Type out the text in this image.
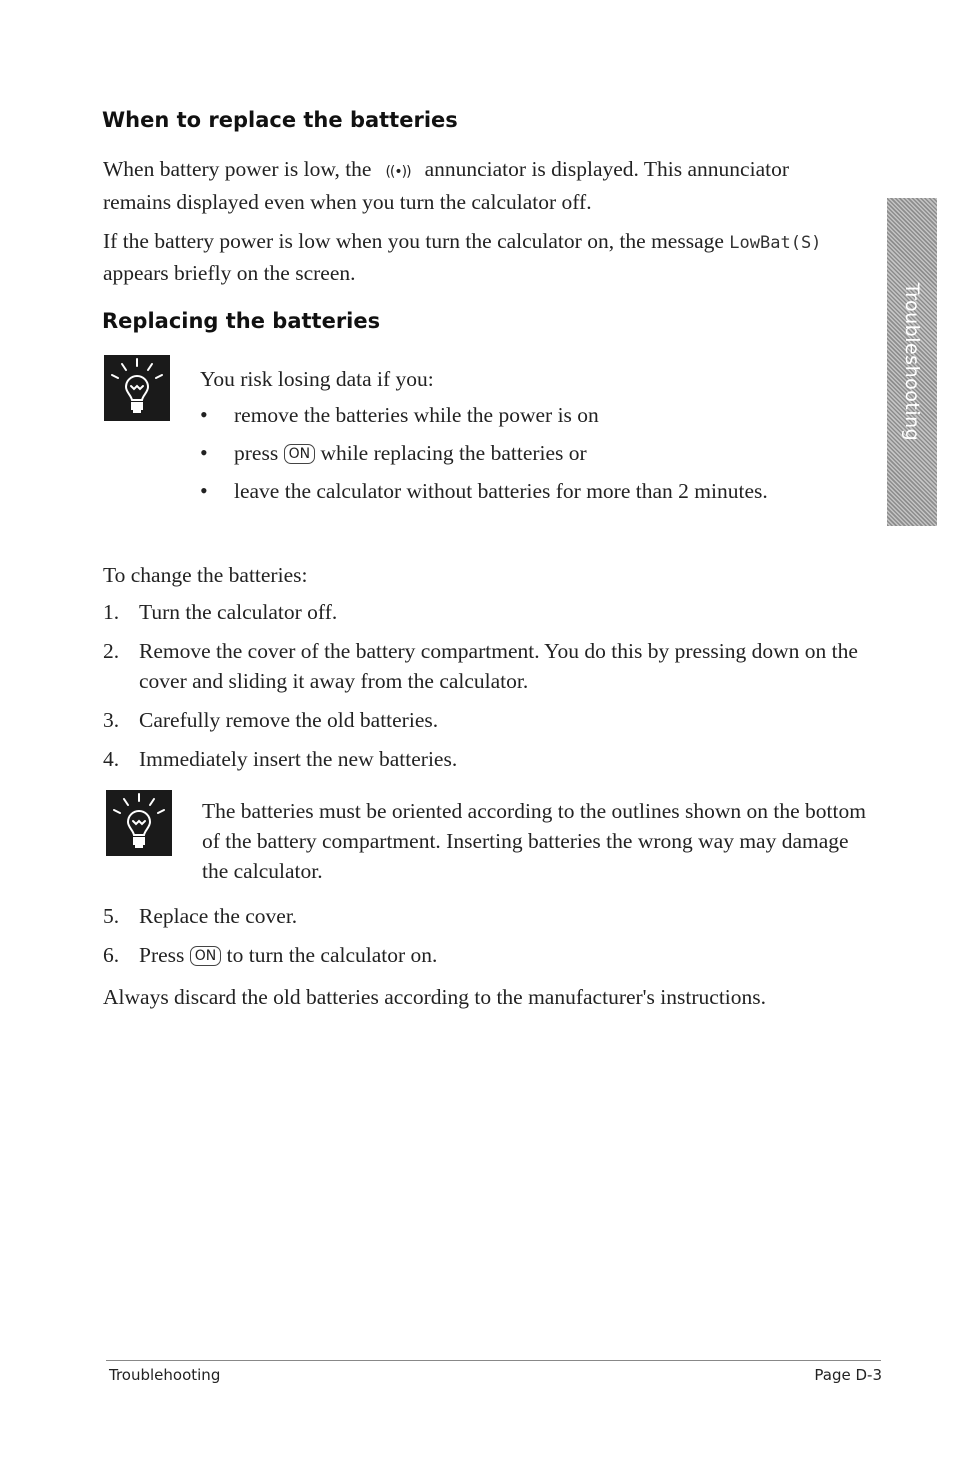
When to replace the batteries

When battery power is low, the ((•)) annunciator is displayed. This annunciator remains displayed even when you turn the calculator off.

If the battery power is low when you turn the calculator on, the message LowBat(S) appears briefly on the screen.

Replacing the batteries

You risk losing data if you:

• remove the batteries while the power is on
• press ON while replacing the batteries or
• leave the calculator without batteries for more than 2 minutes.

To change the batteries:

1. Turn the calculator off.
2. Remove the cover of the battery compartment. You do this by pressing down on the cover and sliding it away from the calculator.
3. Carefully remove the old batteries.
4. Immediately insert the new batteries.

The batteries must be oriented according to the outlines shown on the bottom of the battery compartment. Inserting batteries the wrong way may damage the calculator.

5. Replace the cover.
6. Press ON to turn the calculator on.

Always discard the old batteries according to the manufacturer's instructions.

Troubleshooting
Troublehooting	Page D-3
